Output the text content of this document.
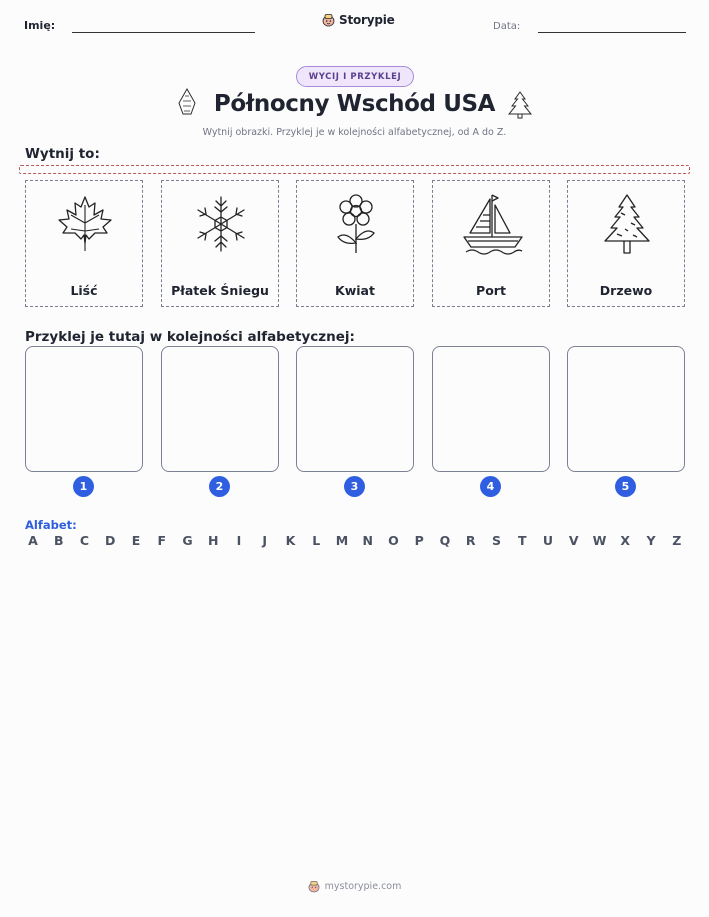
Imię:	Storypie	Data:
WYCIJ I PRZYKLEJ
Północny Wschód USA
Wytnij obrazki. Przyklej je w kolejności alfabetycznej, od A do Z.
Wytnij to:
Liść	Płatek Śniegu	Kwiat	Port	Drzewo
Przyklej je tutaj w kolejności alfabetycznej:
1	2	3	4	5
Alfabet:
A B C D E F G H	I	J	K	L	M N O P Q R S T U V W X Y Z
mystorypie.com
